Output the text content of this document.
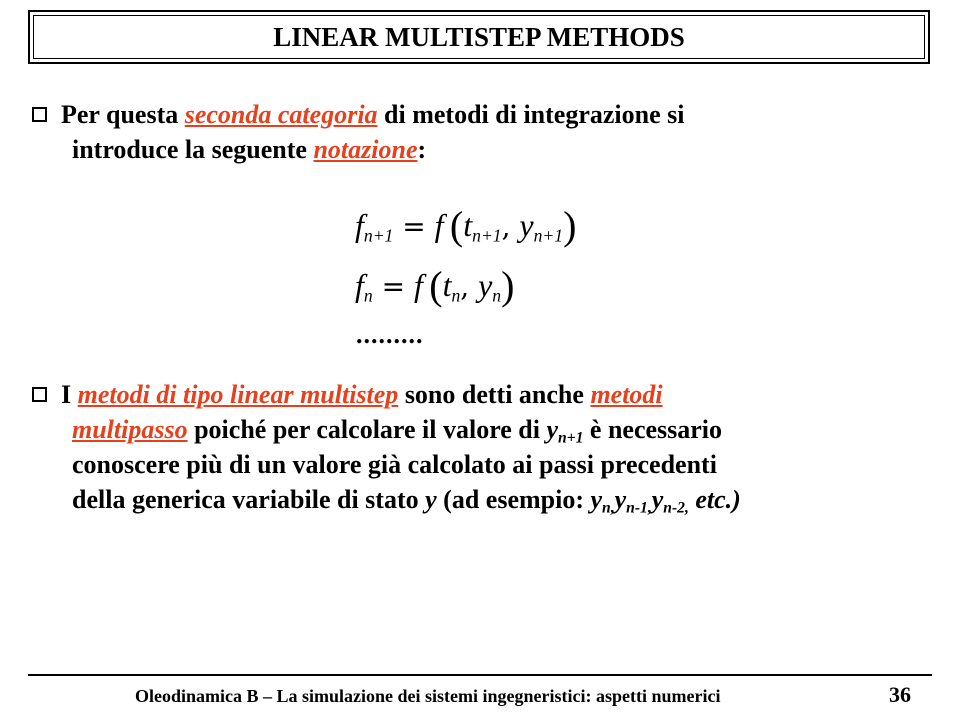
LINEAR MULTISTEP METHODS
Per questa seconda categoria di metodi di integrazione si
introduce la seguente notazione:
$f_{n+1} = f$  ($t_{n+1}$, $y_{n+1}$)
$f_n = f$  ($t_n$, $y_n$)
.........
I metodi di tipo linear multistep sono detti anche metodi
multipasso poiché per calcolare il valore di $y_{n+1}$ è necessario
conoscere più di un valore già calcolato ai passi precedenti
della generica variabile di stato y (ad esempio: $y_{n,}y_{n-1,}y_{n-2,}$ etc.)
Oleodinamica B – La simulazione dei sistemi ingegneristici: aspetti numerici	36
